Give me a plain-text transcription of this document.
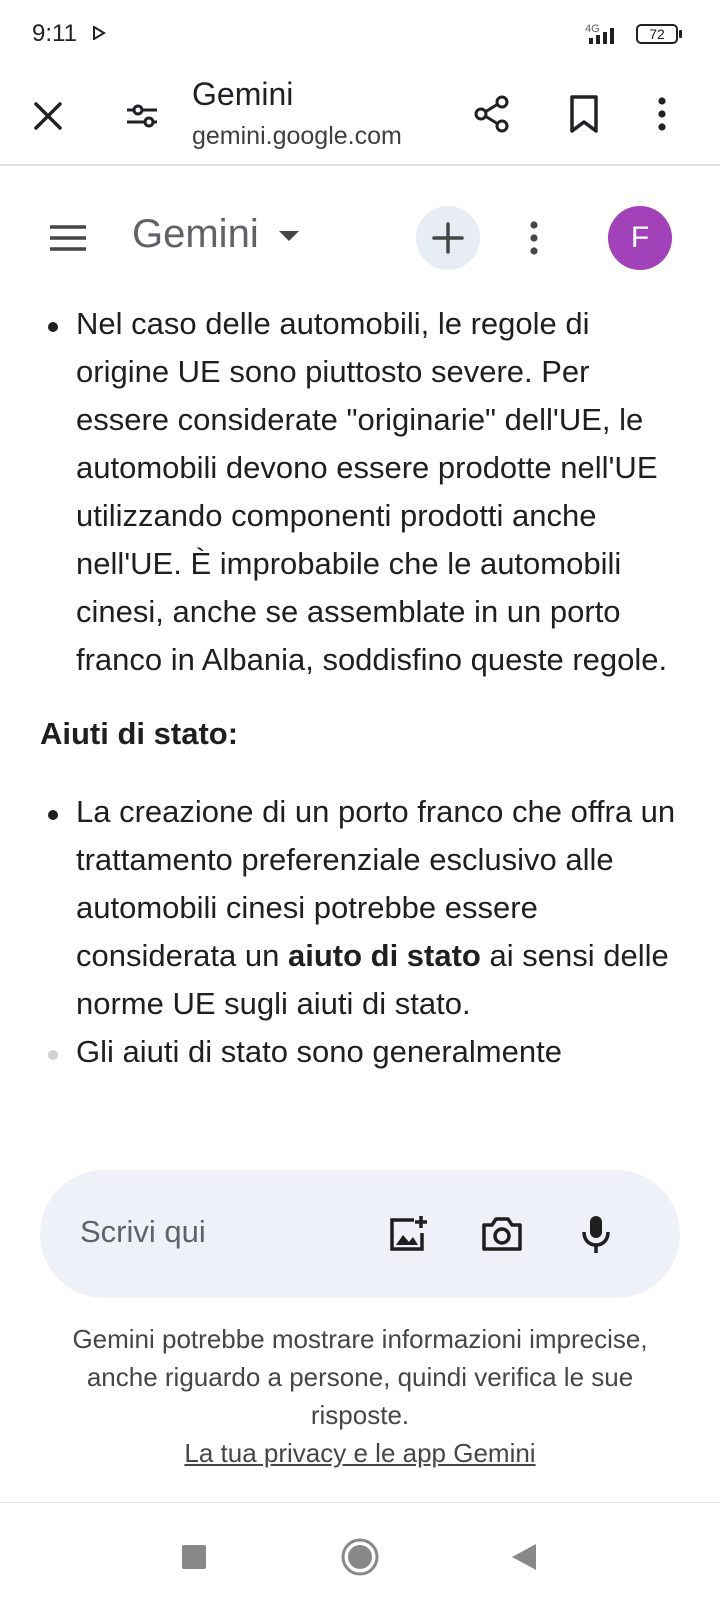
9:11	4G	72
Gemini
gemini.google.com
Gemini	F
Nel caso delle automobili, le regole di origine UE sono piuttosto severe. Per essere considerate "originarie" dell'UE, le automobili devono essere prodotte nell'UE utilizzando componenti prodotti anche nell'UE. È improbabile che le automobili cinesi, anche se assemblate in un porto franco in Albania, soddisfino queste regole.
Aiuti di stato:
La creazione di un porto franco che offra un trattamento preferenziale esclusivo alle automobili cinesi potrebbe essere considerata un aiuto di stato ai sensi delle norme UE sugli aiuti di stato.
Gli aiuti di stato sono generalmente
Scrivi qui
Gemini potrebbe mostrare informazioni imprecise, anche riguardo a persone, quindi verifica le sue risposte.
La tua privacy e le app Gemini
